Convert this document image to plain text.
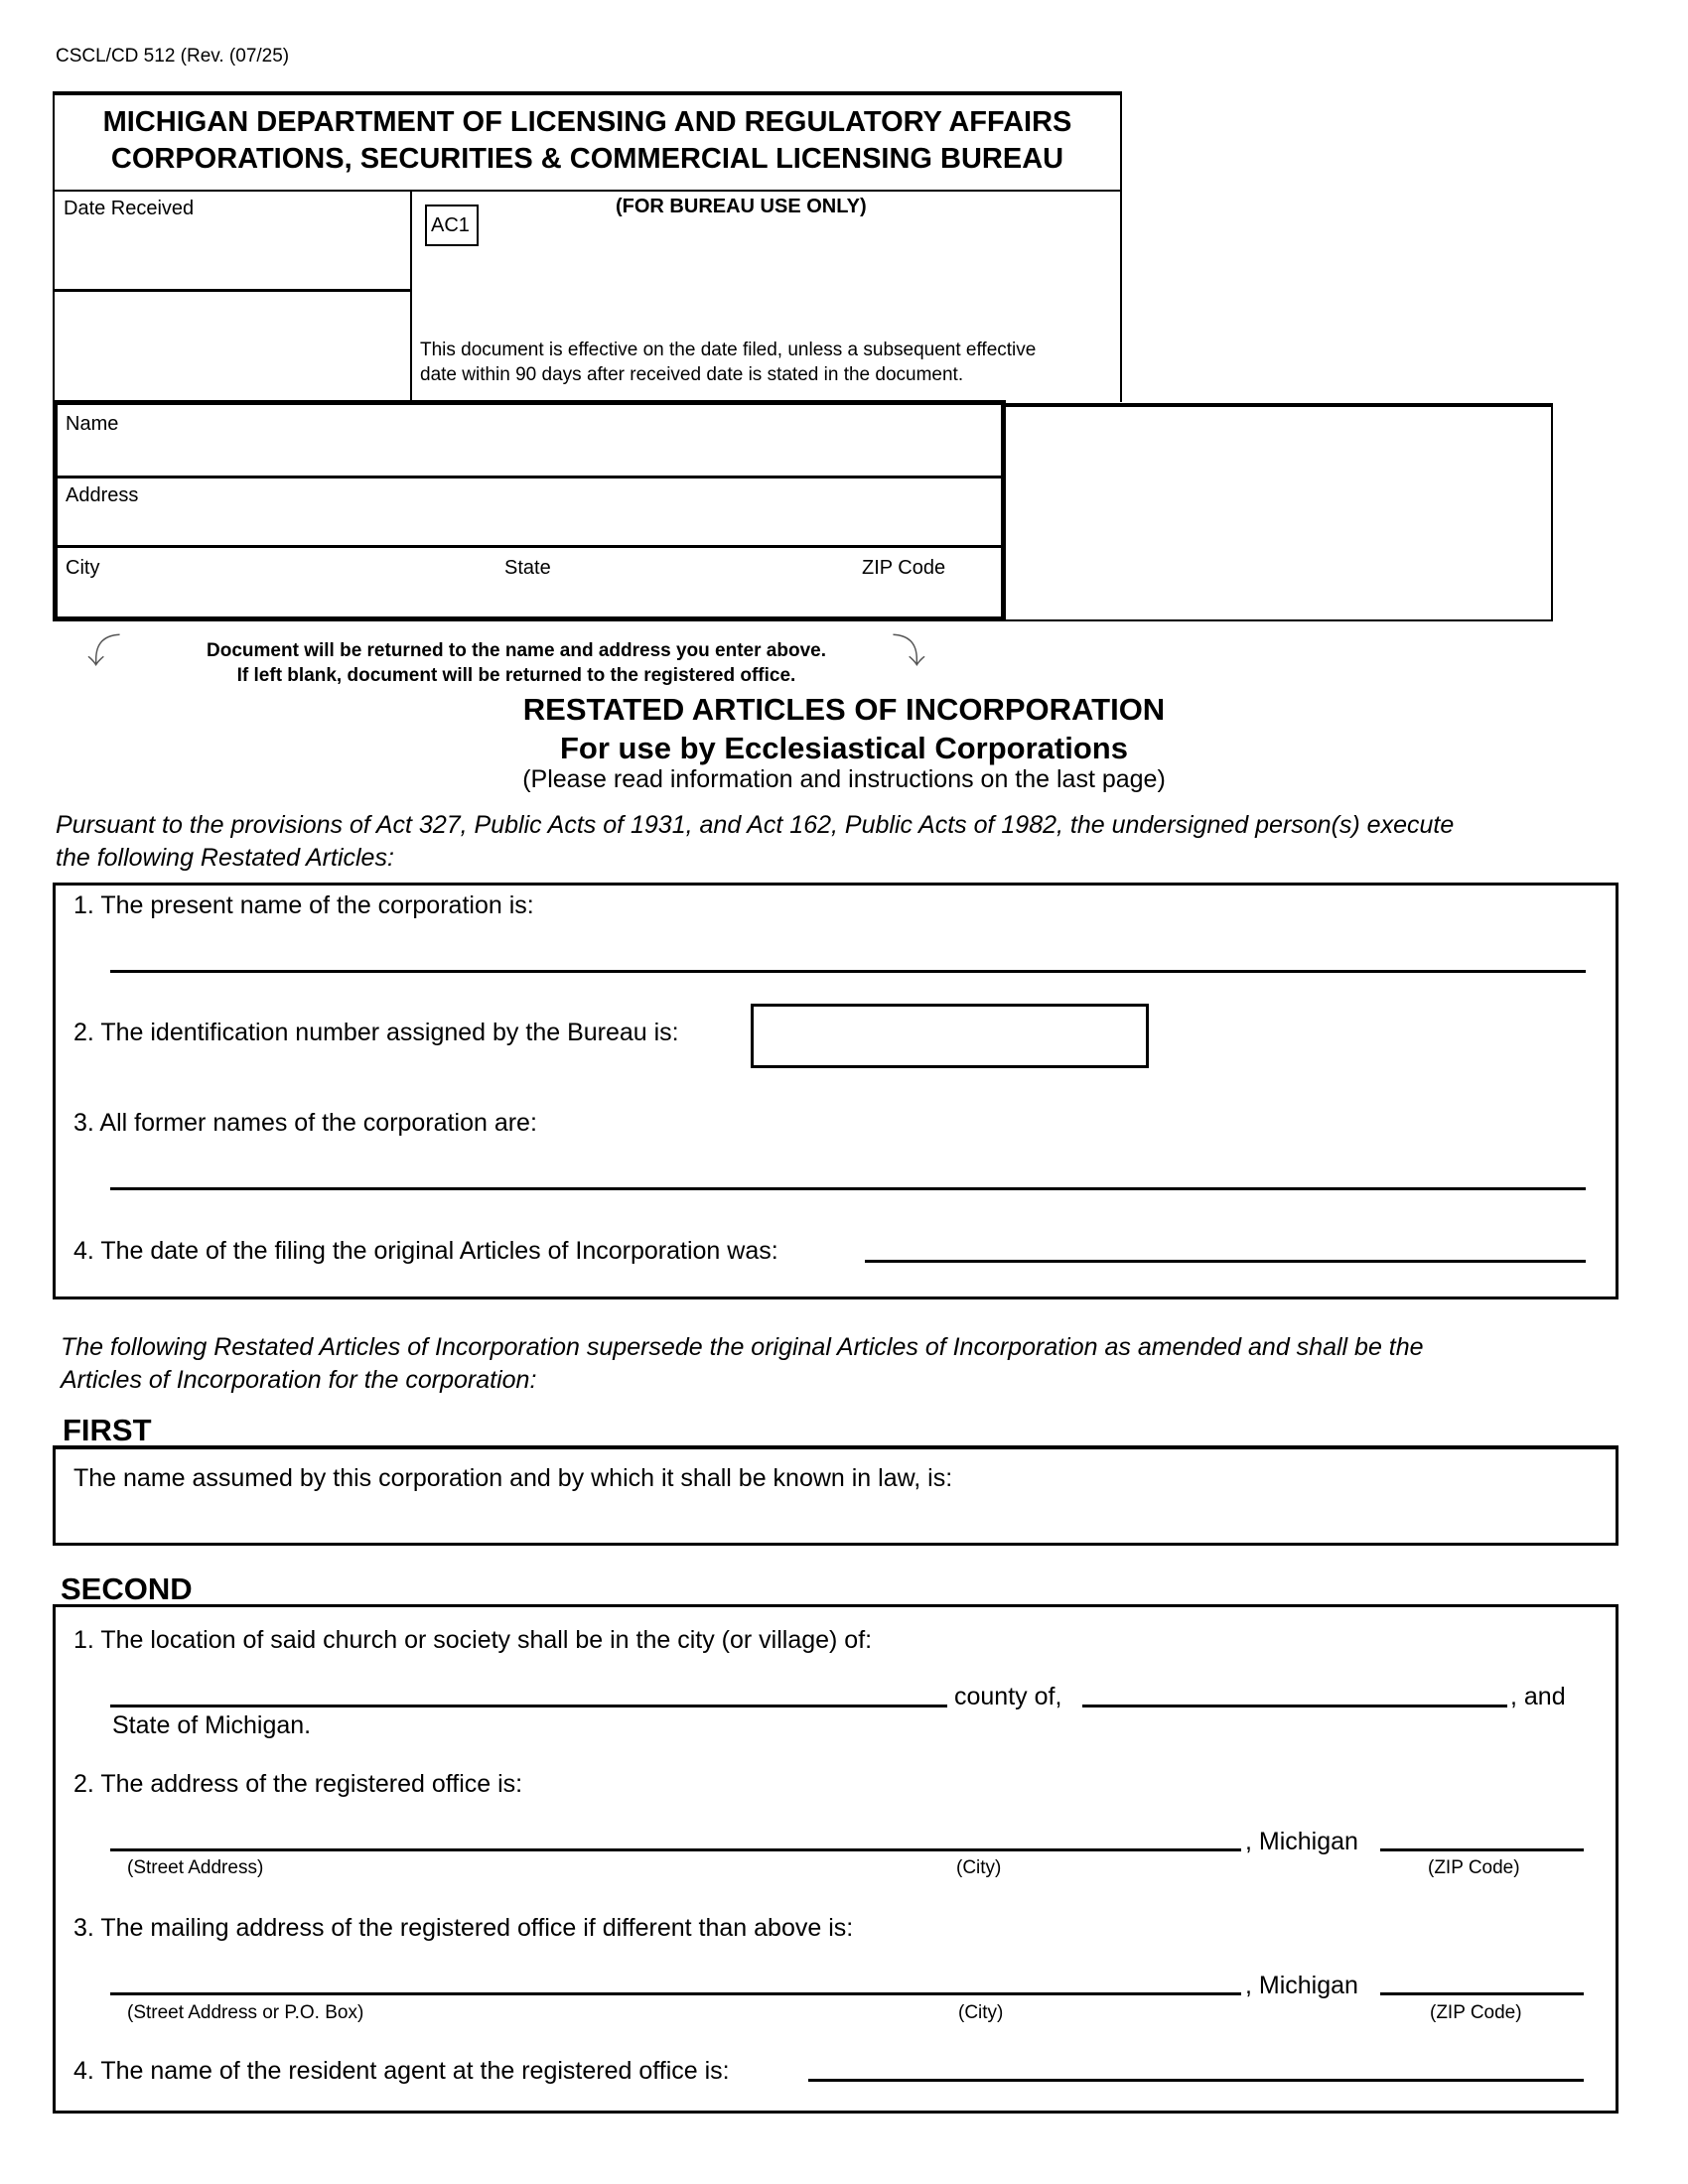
CSCL/CD 512 (Rev. (07/25)
MICHIGAN DEPARTMENT OF LICENSING AND REGULATORY AFFAIRS
CORPORATIONS, SECURITIES & COMMERCIAL LICENSING BUREAU
Date Received	(FOR BUREAU USE ONLY)
AC1
This document is effective on the date filed, unless a subsequent effective
date within 90 days after received date is stated in the document.
Name
Address
City	State	ZIP Code
⤵	⤵
Document will be returned to the name and address you enter above.
If left blank, document will be returned to the registered office.
RESTATED ARTICLES OF INCORPORATION
For use by Ecclesiastical Corporations
(Please read information and instructions on the last page)
Pursuant to the provisions of Act 327, Public Acts of 1931, and Act 162, Public Acts of 1982, the undersigned person(s) execute
the following Restated Articles:
1. The present name of the corporation is:
2. The identification number assigned by the Bureau is:
3. All former names of the corporation are:
4. The date of the filing the original Articles of Incorporation was:
The following Restated Articles of Incorporation supersede the original Articles of Incorporation as amended and shall be the
Articles of Incorporation for the corporation:
FIRST
The name assumed by this corporation and by which it shall be known in law, is:
SECOND
1. The location of said church or society shall be in the city (or village) of:
county of,	, and
State of Michigan.
2. The address of the registered office is:
, Michigan
(Street Address)	(City)	(ZIP Code)
3. The mailing address of the registered office if different than above is:
, Michigan
(Street Address or P.O. Box)	(City)	(ZIP Code)
4. The name of the resident agent at the registered office is:
